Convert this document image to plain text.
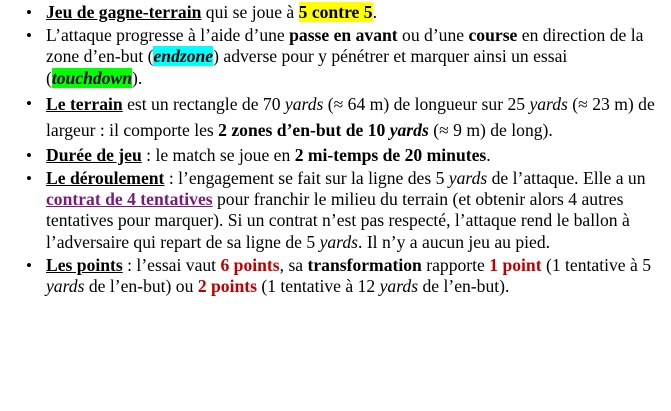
• Jeu de gagne-terrain qui se joue à 5 contre 5.
• L’attaque progresse à l’aide d’une passe en avant ou d’une course en direction de la zone d’en-but (endzone) adverse pour y pénétrer et marquer ainsi un essai (touchdown).
• Le terrain est un rectangle de 70 yards (≈ 64 m) de longueur sur 25 yards (≈ 23 m) de largeur : il comporte les 2 zones d’en-but de 10 yards (≈ 9 m) de long).
• Durée de jeu : le match se joue en 2 mi-temps de 20 minutes.
• Le déroulement : l’engagement se fait sur la ligne des 5 yards de l’attaque. Elle a un contrat de 4 tentatives pour franchir le milieu du terrain (et obtenir alors 4 autres tentatives pour marquer). Si un contrat n’est pas respecté, l’attaque rend le ballon à l’adversaire qui repart de sa ligne de 5 yards. Il n’y a aucun jeu au pied.
• Les points : l’essai vaut 6 points, sa transformation rapporte 1 point (1 tentative à 5 yards de l’en-but) ou 2 points (1 tentative à 12 yards de l’en-but).
